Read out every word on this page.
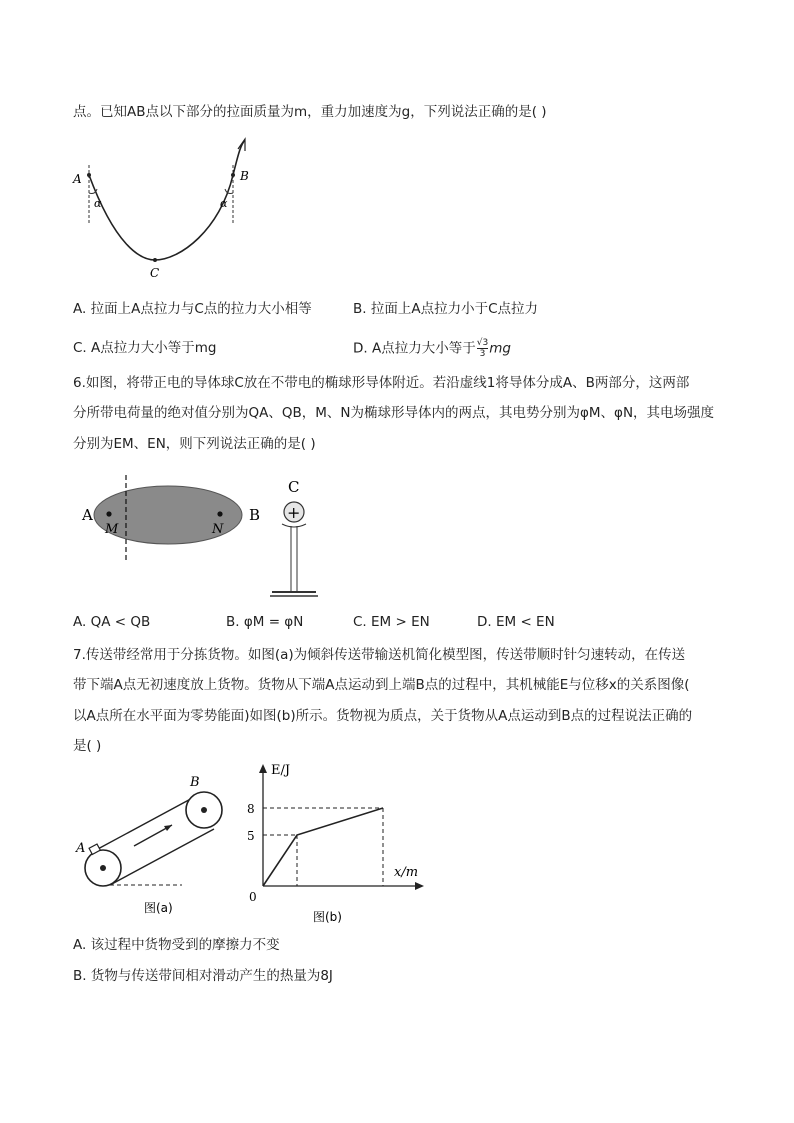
点。已知AB点以下部分的拉面质量为m，重力加速度为g，下列说法正确的是( )
A	B
C
α	α
A. 拉面上A点拉力与C点的拉力大小相等	B. 拉面上A点拉力小于C点拉力
C. A点拉力大小等于mg	D. A点拉力大小等于 $\frac{√3}{3}$ mg
6.如图，将带正电的导体球C放在不带电的椭球形导体附近。若沿虚线1将导体分成A、B两部分，这两部
分所带电荷量的绝对值分别为QA、QB，M、N为椭球形导体内的两点，其电势分别为φM、φN，其电场强度
分别为EM、EN，则下列说法正确的是( )
A	B
M	N
C
+
A. QA < QB	B. φM = φN	C. EM > EN	D. EM < EN
7.传送带经常用于分拣货物。如图(a)为倾斜传送带输送机简化模型图，传送带顺时针匀速转动，在传送
带下端A点无初速度放上货物。货物从下端A点运动到上端B点的过程中，其机械能E与位移x的关系图像(
以A点所在水平面为零势能面)如图(b)所示。货物视为质点，关于货物从A点运动到B点的过程说法正确的
是( )
A
B
图(a)
E/J
x/m
0
5
8
图(b)
A. 该过程中货物受到的摩擦力不变
B. 货物与传送带间相对滑动产生的热量为8J
